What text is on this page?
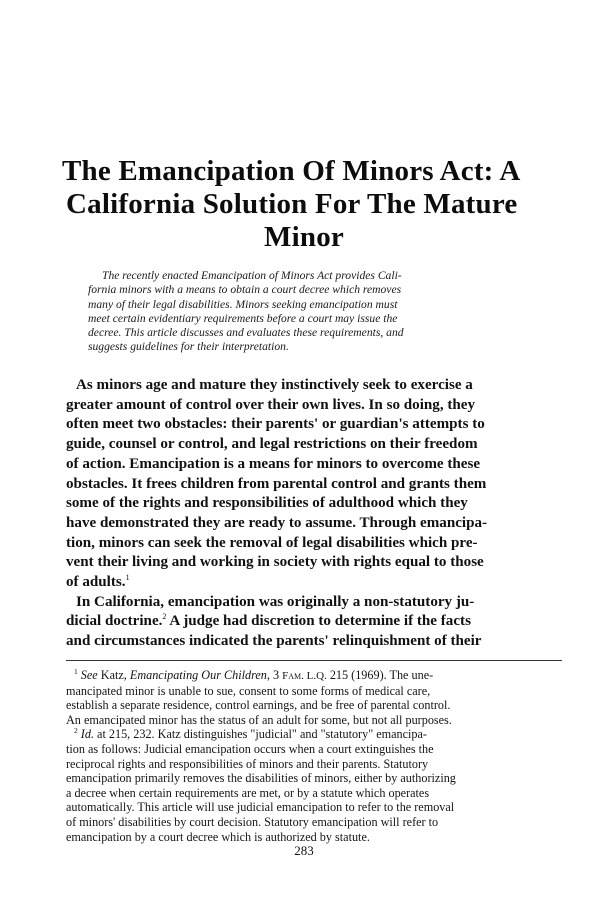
The Emancipation Of Minors Act: A
California Solution For The Mature
Minor
The recently enacted Emancipation of Minors Act provides Cali-
fornia minors with a means to obtain a court decree which removes
many of their legal disabilities. Minors seeking emancipation must
meet certain evidentiary requirements before a court may issue the
decree. This article discusses and evaluates these requirements, and
suggests guidelines for their interpretation.
As minors age and mature they instinctively seek to exercise a
greater amount of control over their own lives. In so doing, they
often meet two obstacles: their parents' or guardian's attempts to
guide, counsel or control, and legal restrictions on their freedom
of action. Emancipation is a means for minors to overcome these
obstacles. It frees children from parental control and grants them
some of the rights and responsibilities of adulthood which they
have demonstrated they are ready to assume. Through emancipa-
tion, minors can seek the removal of legal disabilities which pre-
vent their living and working in society with rights equal to those
of adults.$^1$
In California, emancipation was originally a non-statutory ju-
dicial doctrine.$^2$ A judge had discretion to determine if the facts
and circumstances indicated the parents' relinquishment of their
$^1$ See Katz, Emancipating Our Children, 3 Fam. L.Q. 215 (1969). The une-
mancipated minor is unable to sue, consent to some forms of medical care,
establish a separate residence, control earnings, and be free of parental control.
An emancipated minor has the status of an adult for some, but not all purposes.
$^2$ Id. at 215, 232. Katz distinguishes "judicial" and "statutory" emancipa-
tion as follows: Judicial emancipation occurs when a court extinguishes the
reciprocal rights and responsibilities of minors and their parents. Statutory
emancipation primarily removes the disabilities of minors, either by authorizing
a decree when certain requirements are met, or by a statute which operates
automatically. This article will use judicial emancipation to refer to the removal
of minors' disabilities by court decision. Statutory emancipation will refer to
emancipation by a court decree which is authorized by statute.
283
